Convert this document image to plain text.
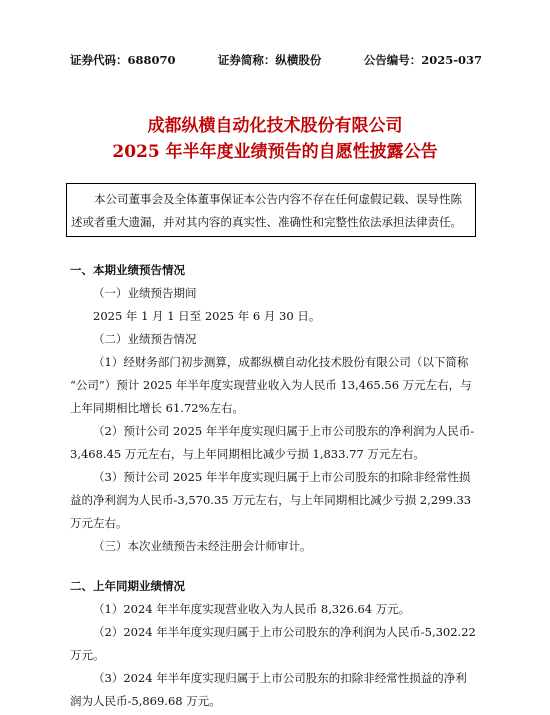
证券代码：688070	证券简称：纵横股份	公告编号：2025-037
成都纵横自动化技术股份有限公司
2025 年半年度业绩预告的自愿性披露公告

本公司董事会及全体董事保证本公告内容不存在任何虚假记载、误导性陈

述或者重大遗漏，并对其内容的真实性、准确性和完整性依法承担法律责任。

一、本期业绩预告情况

（一）业绩预告期间

2025 年 1 月 1 日至 2025 年 6 月 30 日。

（二）业绩预告情况

（1）经财务部门初步测算，成都纵横自动化技术股份有限公司（以下简称

“公司”）预计 2025 年半年度实现营业收入为人民币 13,465.56 万元左右，与

上年同期相比增长 61.72%左右。

（2）预计公司 2025 年半年度实现归属于上市公司股东的净利润为人民币-

3,468.45 万元左右，与上年同期相比减少亏损 1,833.77 万元左右。

（3）预计公司 2025 年半年度实现归属于上市公司股东的扣除非经常性损

益的净利润为人民币-3,570.35 万元左右，与上年同期相比减少亏损 2,299.33

万元左右。

（三）本次业绩预告未经注册会计师审计。

二、上年同期业绩情况

（1）2024 年半年度实现营业收入为人民币 8,326.64 万元。

（2）2024 年半年度实现归属于上市公司股东的净利润为人民币-5,302.22

万元。

（3）2024 年半年度实现归属于上市公司股东的扣除非经常性损益的净利

润为人民币-5,869.68 万元。
